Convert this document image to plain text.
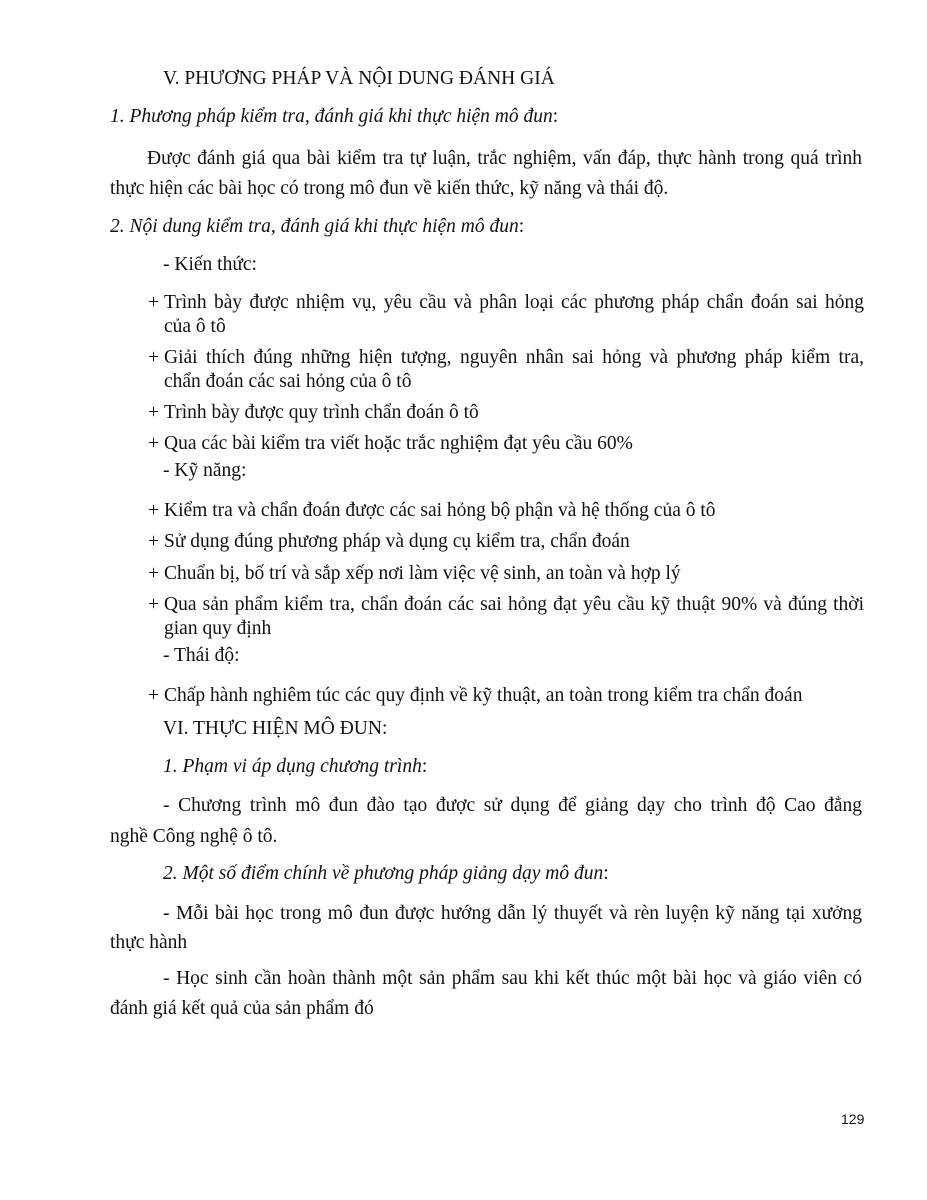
V. PHƯƠNG PHÁP VÀ NỘI DUNG ĐÁNH GIÁ
1. Phương pháp kiểm tra, đánh giá khi thực hiện mô đun:
Được đánh giá qua bài kiểm tra tự luận, trắc nghiệm, vấn đáp, thực hành trong quá trình
thực hiện các bài học có trong mô đun về kiến thức, kỹ năng và thái độ.
2. Nội dung kiểm tra, đánh giá khi thực hiện mô đun:
- Kiến thức:
+ Trình bày được nhiệm vụ, yêu cầu và phân loại các phương pháp chẩn đoán sai hỏng
của ô tô
+ Giải thích đúng những hiện tượng, nguyên nhân sai hỏng và phương pháp kiểm tra,
chẩn đoán các sai hỏng của ô tô
+ Trình bày được quy trình chẩn đoán ô tô
+ Qua các bài kiểm tra viết hoặc trắc nghiệm đạt yêu cầu 60%
- Kỹ năng:
+ Kiểm tra và chẩn đoán được các sai hỏng bộ phận và hệ thống của ô tô
+ Sử dụng đúng phương pháp và dụng cụ kiểm tra, chẩn đoán
+ Chuẩn bị, bố trí và sắp xếp nơi làm việc vệ sinh, an toàn và hợp lý
+ Qua sản phẩm kiểm tra, chẩn đoán các sai hỏng đạt yêu cầu kỹ thuật 90% và đúng thời
gian quy định
- Thái độ:
+ Chấp hành nghiêm túc các quy định về kỹ thuật, an toàn trong kiểm tra chẩn đoán
VI. THỰC HIỆN MÔ ĐUN:
1. Phạm vi áp dụng chương trình:
- Chương trình mô đun đào tạo được sử dụng để giảng dạy cho trình độ Cao đẳng
nghề Công nghệ ô tô.
2. Một số điểm chính về phương pháp giảng dạy mô đun:
- Mỗi bài học trong mô đun được hướng dẫn lý thuyết và rèn luyện kỹ năng tại xưởng
thực hành
- Học sinh cần hoàn thành một sản phẩm sau khi kết thúc một bài học và giáo viên có
đánh giá kết quả của sản phẩm đó
129
